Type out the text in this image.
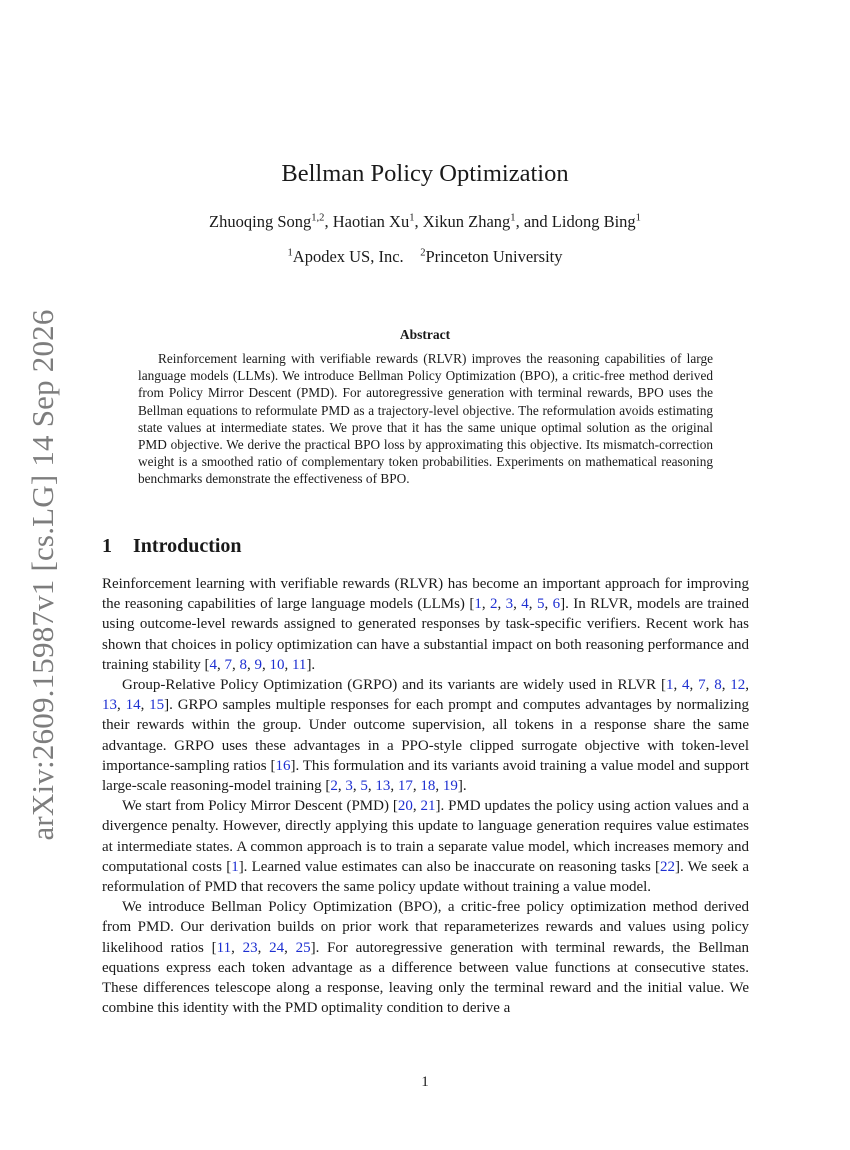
arXiv:2609.15987v1 [cs.LG] 14 Sep 2026
Bellman Policy Optimization
Zhuoqing Song$^{1,2}$, Haotian Xu$^1$, Xikun Zhang$^1$, and Lidong Bing$^1$
$^1$Apodex US, Inc. $^2$Princeton University
Abstract

Reinforcement learning with verifiable rewards (RLVR) improves the reasoning capabilities of large language models (LLMs). We introduce Bellman Policy Optimization (BPO), a critic-free method derived from Policy Mirror Descent (PMD). For autoregressive generation with terminal rewards, BPO uses the Bellman equations to reformulate PMD as a trajectory-level objective. The reformulation avoids estimating state values at intermediate states. We prove that it has the same unique optimal solution as the original PMD objective. We derive the practical BPO loss by approximating this objective. Its mismatch-correction weight is a smoothed ratio of complementary token probabilities. Experiments on mathematical reasoning benchmarks demonstrate the effectiveness of BPO.

1 Introduction

Reinforcement learning with verifiable rewards (RLVR) has become an important approach for improving the reasoning capabilities of large language models (LLMs) [1, 2, 3, 4, 5, 6]. In RLVR, models are trained using outcome-level rewards assigned to generated responses by task-specific verifiers. Recent work has shown that choices in policy optimization can have a substantial impact on both reasoning performance and training stability [4, 7, 8, 9, 10, 11].

Group-Relative Policy Optimization (GRPO) and its variants are widely used in RLVR [1, 4, 7, 8, 12, 13, 14, 15]. GRPO samples multiple responses for each prompt and computes advantages by normalizing their rewards within the group. Under outcome supervision, all tokens in a response share the same advantage. GRPO uses these advantages in a PPO-style clipped surrogate objective with token-level importance-sampling ratios [16]. This formulation and its variants avoid training a value model and support large-scale reasoning-model training [2, 3, 5, 13, 17, 18, 19].

We start from Policy Mirror Descent (PMD) [20, 21]. PMD updates the policy using action values and a divergence penalty. However, directly applying this update to language generation requires value estimates at intermediate states. A common approach is to train a separate value model, which increases memory and computational costs [1]. Learned value estimates can also be inaccurate on reasoning tasks [22]. We seek a reformulation of PMD that recovers the same policy update without training a value model.

We introduce Bellman Policy Optimization (BPO), a critic-free policy optimization method derived from PMD. Our derivation builds on prior work that reparameterizes rewards and values using policy likelihood ratios [11, 23, 24, 25]. For autoregressive generation with terminal rewards, the Bellman equations express each token advantage as a difference between value functions at consecutive states. These differences telescope along a response, leaving only the terminal reward and the initial value. We combine this identity with the PMD optimality condition to derive a

1
